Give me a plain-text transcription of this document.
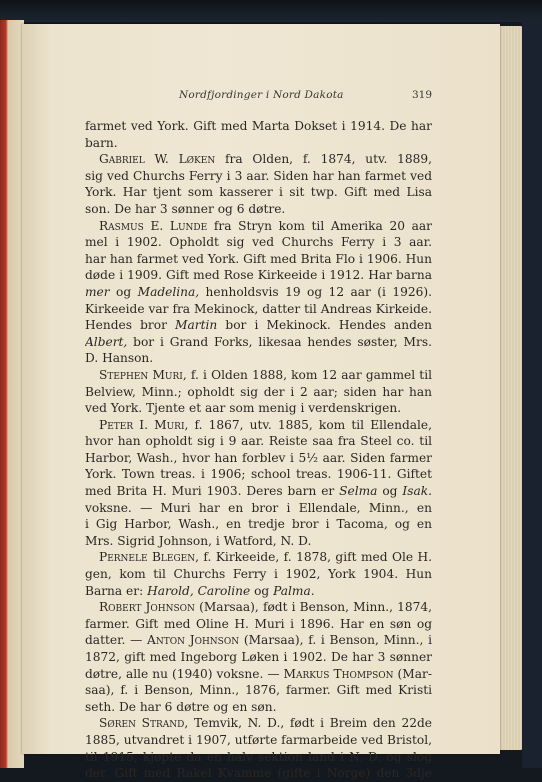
Nordfjordinger i Nord Dakota	319
farmet ved York. Gift med Marta Dokset i 1914. De har
barn.
Gabriel W. Løken fra Olden, f. 1874, utv. 1889,
sig ved Churchs Ferry i 3 aar. Siden har han farmet ved
York. Har tjent som kasserer i sit twp. Gift med Lisa
son. De har 3 sønner og 6 døtre.
Rasmus E. Lunde fra Stryn kom til Amerika 20 aar
mel i 1902. Opholdt sig ved Churchs Ferry i 3 aar.
har han farmet ved York. Gift med Brita Flo i 1906. Hun
døde i 1909. Gift med Rose Kirkeeide i 1912. Har barna
mer og Madelina, henholdsvis 19 og 12 aar (i 1926).
Kirkeeide var fra Mekinock, datter til Andreas Kirkeide.
Hendes bror Martin bor i Mekinock. Hendes anden
Albert, bor i Grand Forks, likesaa hendes søster, Mrs.
D. Hanson.
Stephen Muri, f. i Olden 1888, kom 12 aar gammel til
Belview, Minn.; opholdt sig der i 2 aar; siden har han
ved York. Tjente et aar som menig i verdenskrigen.
Peter I. Muri, f. 1867, utv. 1885, kom til Ellendale,
hvor han opholdt sig i 9 aar. Reiste saa fra Steel co. til
Harbor, Wash., hvor han forblev i 5½ aar. Siden farmer
York. Town treas. i 1906; school treas. 1906-11. Giftet
med Brita H. Muri 1903. Deres barn er Selma og Isak.
voksne. — Muri har en bror i Ellendale, Minn., en
i Gig Harbor, Wash., en tredje bror i Tacoma, og en
Mrs. Sigrid Johnson, i Watford, N. D.
Pernele Blegen, f. Kirkeeide, f. 1878, gift med Ole H.
gen, kom til Churchs Ferry i 1902, York 1904. Hun
Barna er: Harold, Caroline og Palma.
Robert Johnson (Marsaa), født i Benson, Minn., 1874,
farmer. Gift med Oline H. Muri i 1896. Har en søn og
datter. — Anton Johnson (Marsaa), f. i Benson, Minn., i
1872, gift med Ingeborg Løken i 1902. De har 3 sønner
døtre, alle nu (1940) voksne. — Markus Thompson (Mar-
saa), f. i Benson, Minn., 1876, farmer. Gift med Kristi
seth. De har 6 døtre og en søn.
Søren Strand, Temvik, N. D., født i Breim den 22de
1885, utvandret i 1907, utførte farmarbeide ved Bristol,
til 1915, kjøpte da en halv sektion land i N. D. og slog
der. Gift med Rakel Kvamme (gifte i Norge) den 3dje
